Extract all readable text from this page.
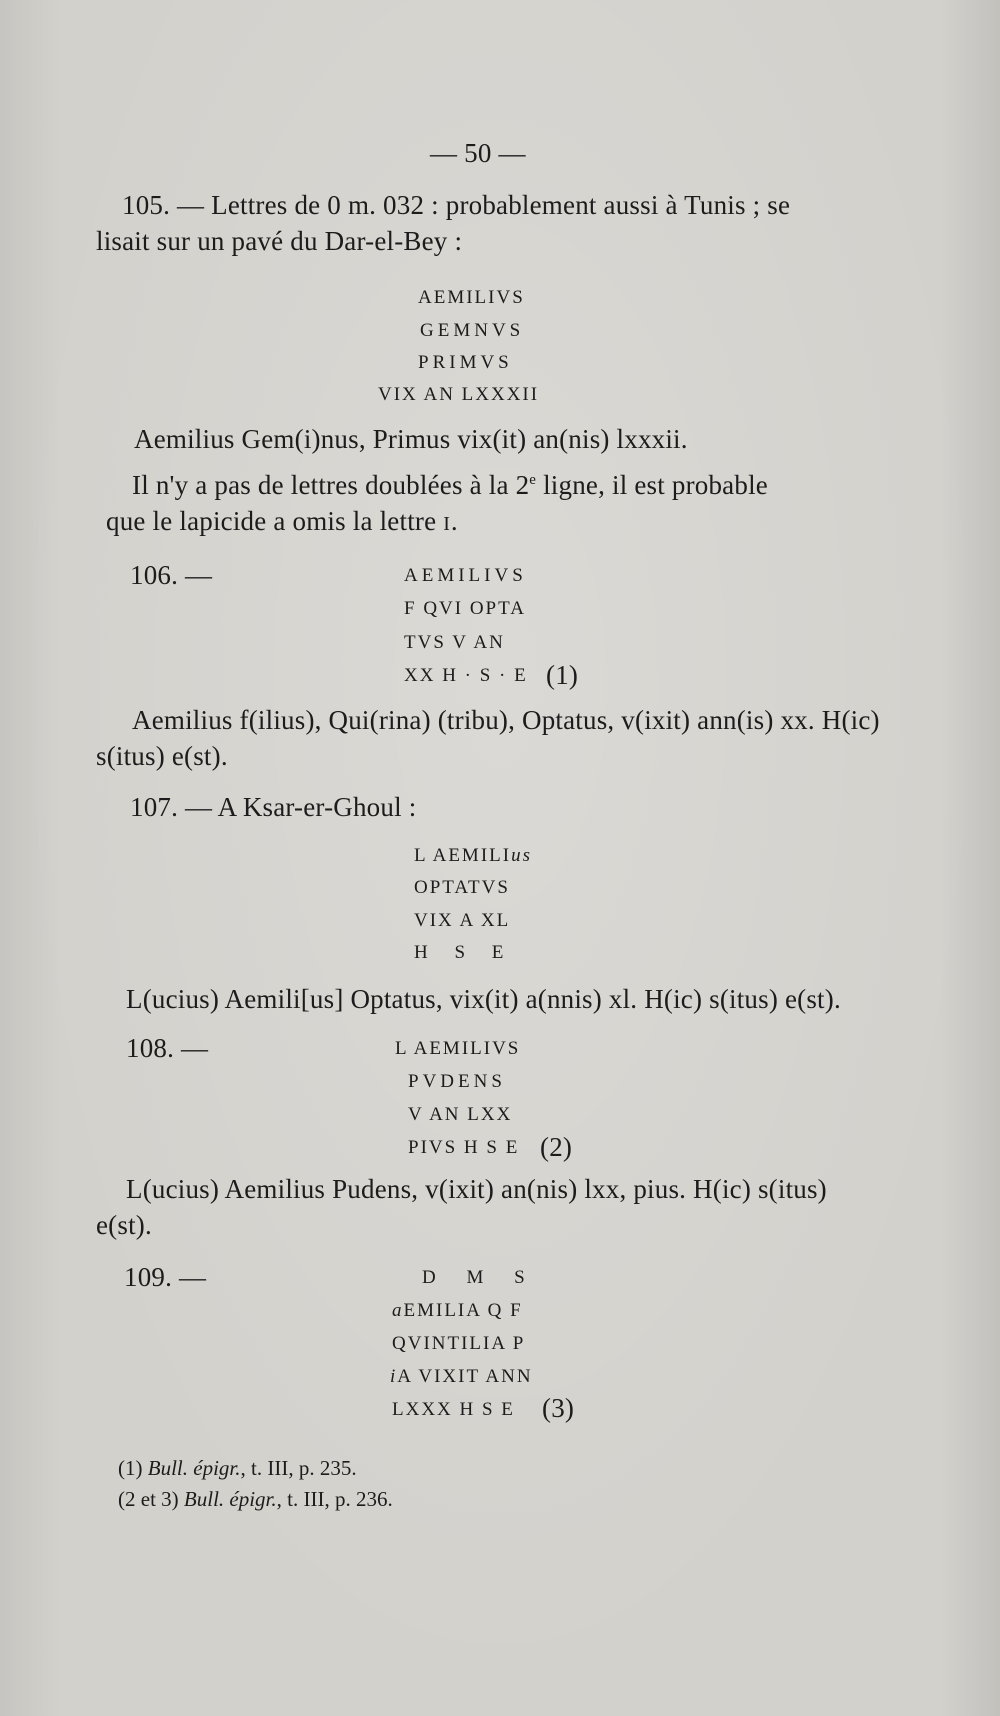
— 50 —
105. — Lettres de 0 m. 032 : probablement aussi à Tunis ; se
lisait sur un pavé du Dar-el-Bey :
AEMILIVS
GEMNVS
PRIMVS
VIX AN LXXXII
Aemilius Gem(i)nus, Primus vix(it) an(nis) lxxxii.
Il n'y a pas de lettres doublées à la 2e ligne, il est probable
que le lapicide a omis la lettre I.
106. —	AEMILIVS
F QVI OPTA
TVS V AN
XX H · S · E (1)
Aemilius f(ilius), Qui(rina) (tribu), Optatus, v(ixit) ann(is) xx. H(ic)
s(itus) e(st).
107. — A Ksar-er-Ghoul :
L AEMILIus
OPTATVS
VIX A XL
H S E
L(ucius) Aemili[us] Optatus, vix(it) a(nnis) xl. H(ic) s(itus) e(st).
108. —	L AEMILIVS
PVDENS
V AN LXX
PIVS H S E (2)
L(ucius) Aemilius Pudens, v(ixit) an(nis) lxx, pius. H(ic) s(itus)
e(st).
109. —	D M S
aEMILIA Q F
QVINTILIA P
iA VIXIT ANN
LXXX H S E (3)
(1) Bull. épigr., t. III, p. 235.
(2 et 3) Bull. épigr., t. III, p. 236.
